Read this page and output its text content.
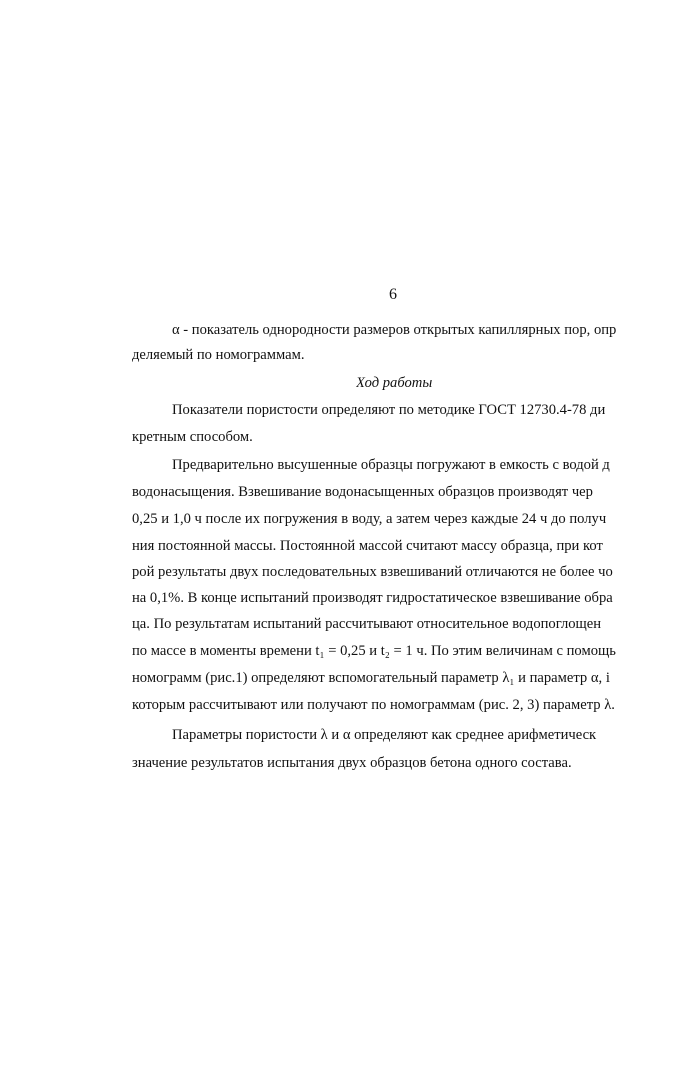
6
α - показатель однородности размеров открытых капиллярных пор, опр
деляемый по номограммам.
Ход работы
Показатели пористости определяют по методике ГОСТ 12730.4-78 ди
кретным способом.
Предварительно высушенные образцы погружают в емкость с водой д
водонасыщения. Взвешивание водонасыщенных образцов производят чер
0,25 и 1,0 ч после их погружения в воду, а затем через каждые 24 ч до получ
ния постоянной массы. Постоянной массой считают массу образца, при кот
рой результаты двух последовательных взвешиваний отличаются не более чо
на 0,1%. В конце испытаний производят гидростатическое взвешивание обра
ца. По результатам испытаний рассчитывают относительное водопоглощен
по массе в моменты времени t₁ = 0,25 и t₂ = 1 ч. По этим величинам с помощь
номограмм (рис.1) определяют вспомогательный параметр λ₁ и параметр α, і
которым рассчитывают или получают по номограммам (рис. 2, 3) параметр λ.
Параметры пористости λ и α определяют как среднее арифметическ
значение результатов испытания двух образцов бетона одного состава.
